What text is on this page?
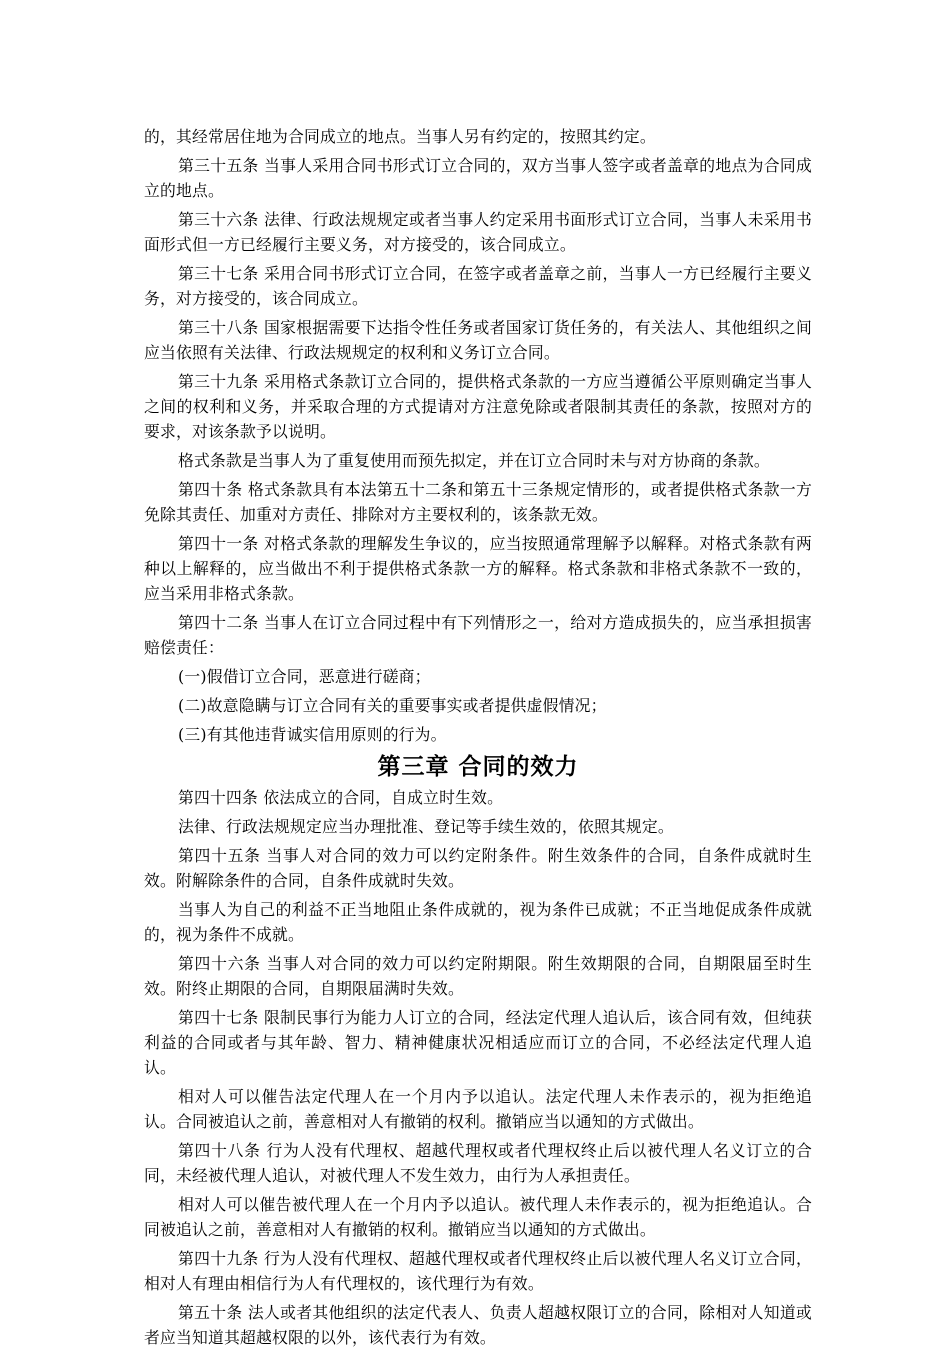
的，其经常居住地为合同成立的地点。当事人另有约定的，按照其约定。

第三十五条 当事人采用合同书形式订立合同的，双方当事人签字或者盖章的地点为合同成立的地点。

第三十六条 法律、行政法规规定或者当事人约定采用书面形式订立合同，当事人未采用书面形式但一方已经履行主要义务，对方接受的，该合同成立。

第三十七条 采用合同书形式订立合同，在签字或者盖章之前，当事人一方已经履行主要义务，对方接受的，该合同成立。

第三十八条 国家根据需要下达指令性任务或者国家订货任务的，有关法人、其他组织之间应当依照有关法律、行政法规规定的权利和义务订立合同。

第三十九条 采用格式条款订立合同的，提供格式条款的一方应当遵循公平原则确定当事人之间的权利和义务，并采取合理的方式提请对方注意免除或者限制其责任的条款，按照对方的要求，对该条款予以说明。

格式条款是当事人为了重复使用而预先拟定，并在订立合同时未与对方协商的条款。

第四十条 格式条款具有本法第五十二条和第五十三条规定情形的，或者提供格式条款一方免除其责任、加重对方责任、排除对方主要权利的，该条款无效。

第四十一条 对格式条款的理解发生争议的，应当按照通常理解予以解释。对格式条款有两种以上解释的，应当做出不利于提供格式条款一方的解释。格式条款和非格式条款不一致的，应当采用非格式条款。

第四十二条 当事人在订立合同过程中有下列情形之一，给对方造成损失的，应当承担损害赔偿责任：

(一)假借订立合同，恶意进行磋商；

(二)故意隐瞒与订立合同有关的重要事实或者提供虚假情况；

(三)有其他违背诚实信用原则的行为。

第三章 合同的效力

第四十四条 依法成立的合同，自成立时生效。

法律、行政法规规定应当办理批准、登记等手续生效的，依照其规定。

第四十五条 当事人对合同的效力可以约定附条件。附生效条件的合同，自条件成就时生效。附解除条件的合同，自条件成就时失效。

当事人为自己的利益不正当地阻止条件成就的，视为条件已成就；不正当地促成条件成就的，视为条件不成就。

第四十六条 当事人对合同的效力可以约定附期限。附生效期限的合同，自期限届至时生效。附终止期限的合同，自期限届满时失效。

第四十七条 限制民事行为能力人订立的合同，经法定代理人追认后，该合同有效，但纯获利益的合同或者与其年龄、智力、精神健康状况相适应而订立的合同，不必经法定代理人追认。

相对人可以催告法定代理人在一个月内予以追认。法定代理人未作表示的，视为拒绝追认。合同被追认之前，善意相对人有撤销的权利。撤销应当以通知的方式做出。

第四十八条 行为人没有代理权、超越代理权或者代理权终止后以被代理人名义订立的合同，未经被代理人追认，对被代理人不发生效力，由行为人承担责任。

相对人可以催告被代理人在一个月内予以追认。被代理人未作表示的，视为拒绝追认。合同被追认之前，善意相对人有撤销的权利。撤销应当以通知的方式做出。

第四十九条 行为人没有代理权、超越代理权或者代理权终止后以被代理人名义订立合同，相对人有理由相信行为人有代理权的，该代理行为有效。

第五十条 法人或者其他组织的法定代表人、负责人超越权限订立的合同，除相对人知道或者应当知道其超越权限的以外，该代表行为有效。
